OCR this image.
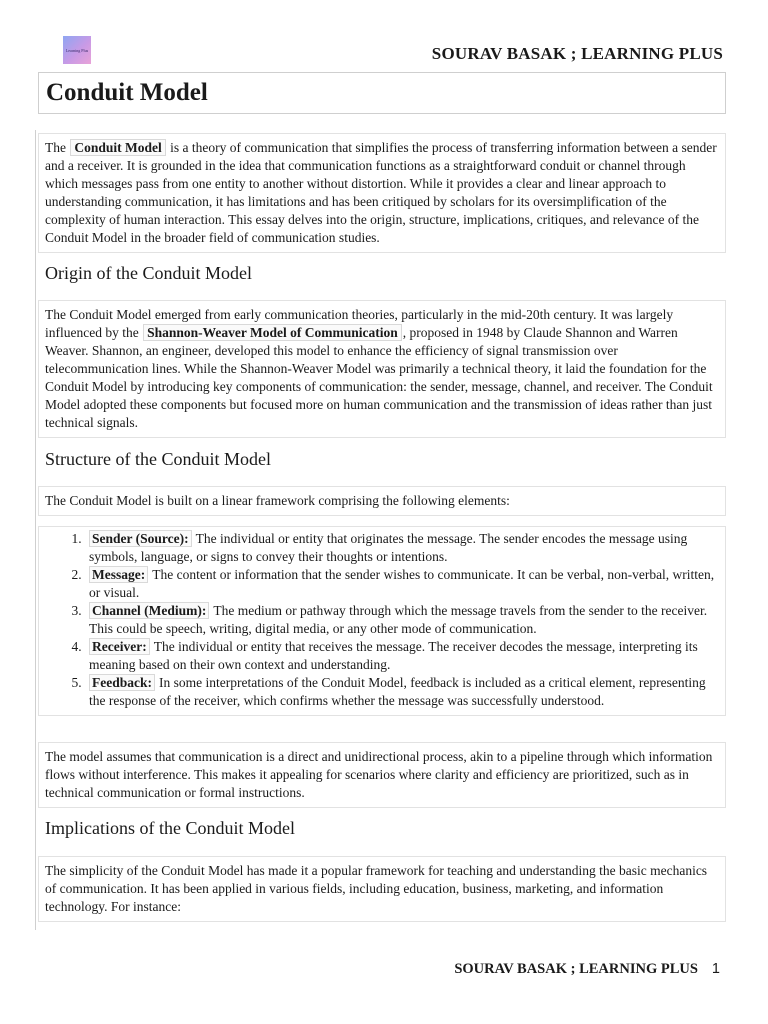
Learning Plus	SOURAV BASAK ; LEARNING PLUS
Conduit Model

The Conduit Model is a theory of communication that simplifies the process of transferring information between a sender and a receiver. It is grounded in the idea that communication functions as a straightforward conduit or channel through which messages pass from one entity to another without distortion. While it provides a clear and linear approach to understanding communication, it has limitations and has been critiqued by scholars for its oversimplification of the complexity of human interaction. This essay delves into the origin, structure, implications, critiques, and relevance of the Conduit Model in the broader field of communication studies.

Origin of the Conduit Model

The Conduit Model emerged from early communication theories, particularly in the mid-20th century. It was largely influenced by the Shannon-Weaver Model of Communication , proposed in 1948 by Claude Shannon and Warren Weaver. Shannon, an engineer, developed this model to enhance the efficiency of signal transmission over telecommunication lines. While the Shannon-Weaver Model was primarily a technical theory, it laid the foundation for the Conduit Model by introducing key components of communication: the sender, message, channel, and receiver. The Conduit Model adopted these components but focused more on human communication and the transmission of ideas rather than just technical signals.

Structure of the Conduit Model

The Conduit Model is built on a linear framework comprising the following elements:

1. Sender (Source): The individual or entity that originates the message. The sender encodes the message using symbols, language, or signs to convey their thoughts or intentions.
2. Message: The content or information that the sender wishes to communicate. It can be verbal, non-verbal, written, or visual.
3. Channel (Medium): The medium or pathway through which the message travels from the sender to the receiver. This could be speech, writing, digital media, or any other mode of communication.
4. Receiver: The individual or entity that receives the message. The receiver decodes the message, interpreting its meaning based on their own context and understanding.
5. Feedback: In some interpretations of the Conduit Model, feedback is included as a critical element, representing the response of the receiver, which confirms whether the message was successfully understood.

The model assumes that communication is a direct and unidirectional process, akin to a pipeline through which information flows without interference. This makes it appealing for scenarios where clarity and efficiency are prioritized, such as in technical communication or formal instructions.

Implications of the Conduit Model

The simplicity of the Conduit Model has made it a popular framework for teaching and understanding the basic mechanics of communication. It has been applied in various fields, including education, business, marketing, and information technology. For instance:

SOURAV BASAK ; LEARNING PLUS 1
